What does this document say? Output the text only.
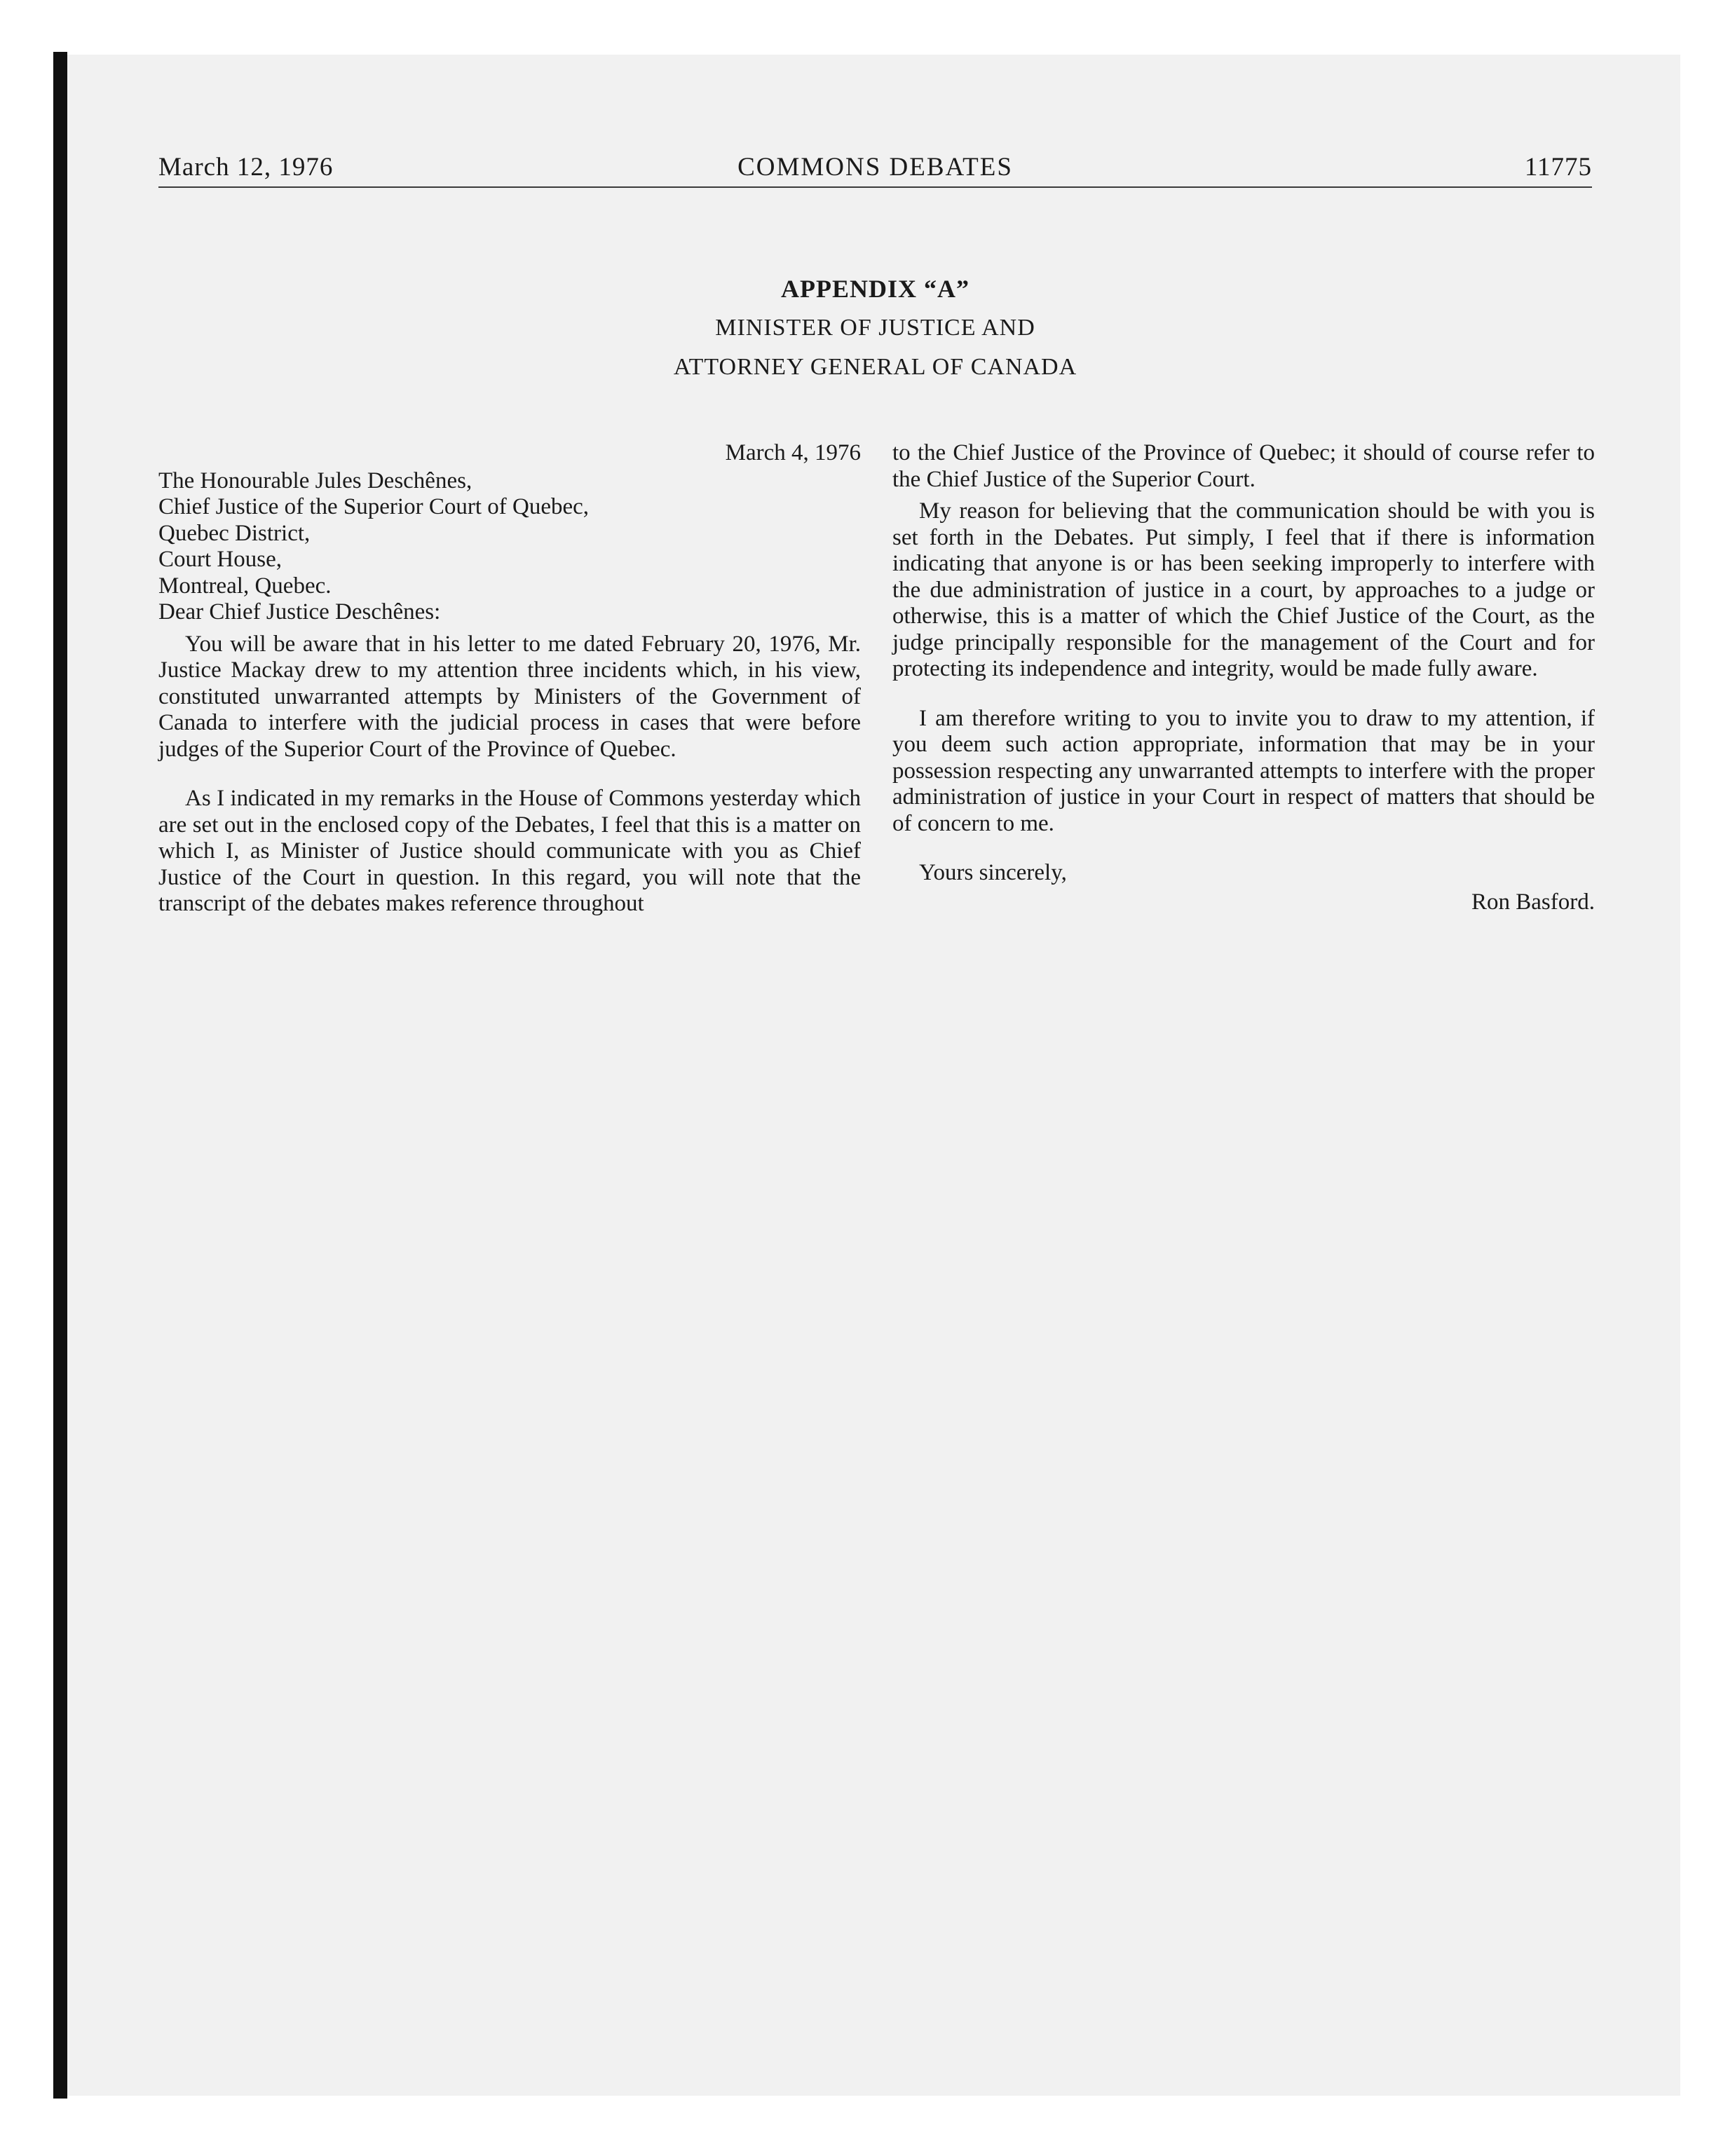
March 12, 1976	COMMONS DEBATES	11775
APPENDIX “A”
MINISTER OF JUSTICE AND
ATTORNEY GENERAL OF CANADA
March 4, 1976
The Honourable Jules Deschênes,
Chief Justice of the Superior Court of Quebec,
Quebec District,
Court House,
Montreal, Quebec.
Dear Chief Justice Deschênes:

You will be aware that in his letter to me dated February 20, 1976, Mr. Justice Mackay drew to my attention three incidents which, in his view, constituted unwarranted attempts by Ministers of the Government of Canada to interfere with the judicial process in cases that were before judges of the Superior Court of the Province of Quebec.

As I indicated in my remarks in the House of Commons yesterday which are set out in the enclosed copy of the Debates, I feel that this is a matter on which I, as Minister of Justice should communicate with you as Chief Justice of the Court in question. In this regard, you will note that the transcript of the debates makes reference throughout

to the Chief Justice of the Province of Quebec; it should of course refer to the Chief Justice of the Superior Court.

My reason for believing that the communication should be with you is set forth in the Debates. Put simply, I feel that if there is information indicating that anyone is or has been seeking improperly to interfere with the due administration of justice in a court, by approaches to a judge or otherwise, this is a matter of which the Chief Justice of the Court, as the judge principally responsible for the management of the Court and for protecting its independence and integrity, would be made fully aware.

I am therefore writing to you to invite you to draw to my attention, if you deem such action appropriate, information that may be in your possession respecting any unwarranted attempts to interfere with the proper administration of justice in your Court in respect of matters that should be of concern to me.

Yours sincerely,
Ron Basford.
